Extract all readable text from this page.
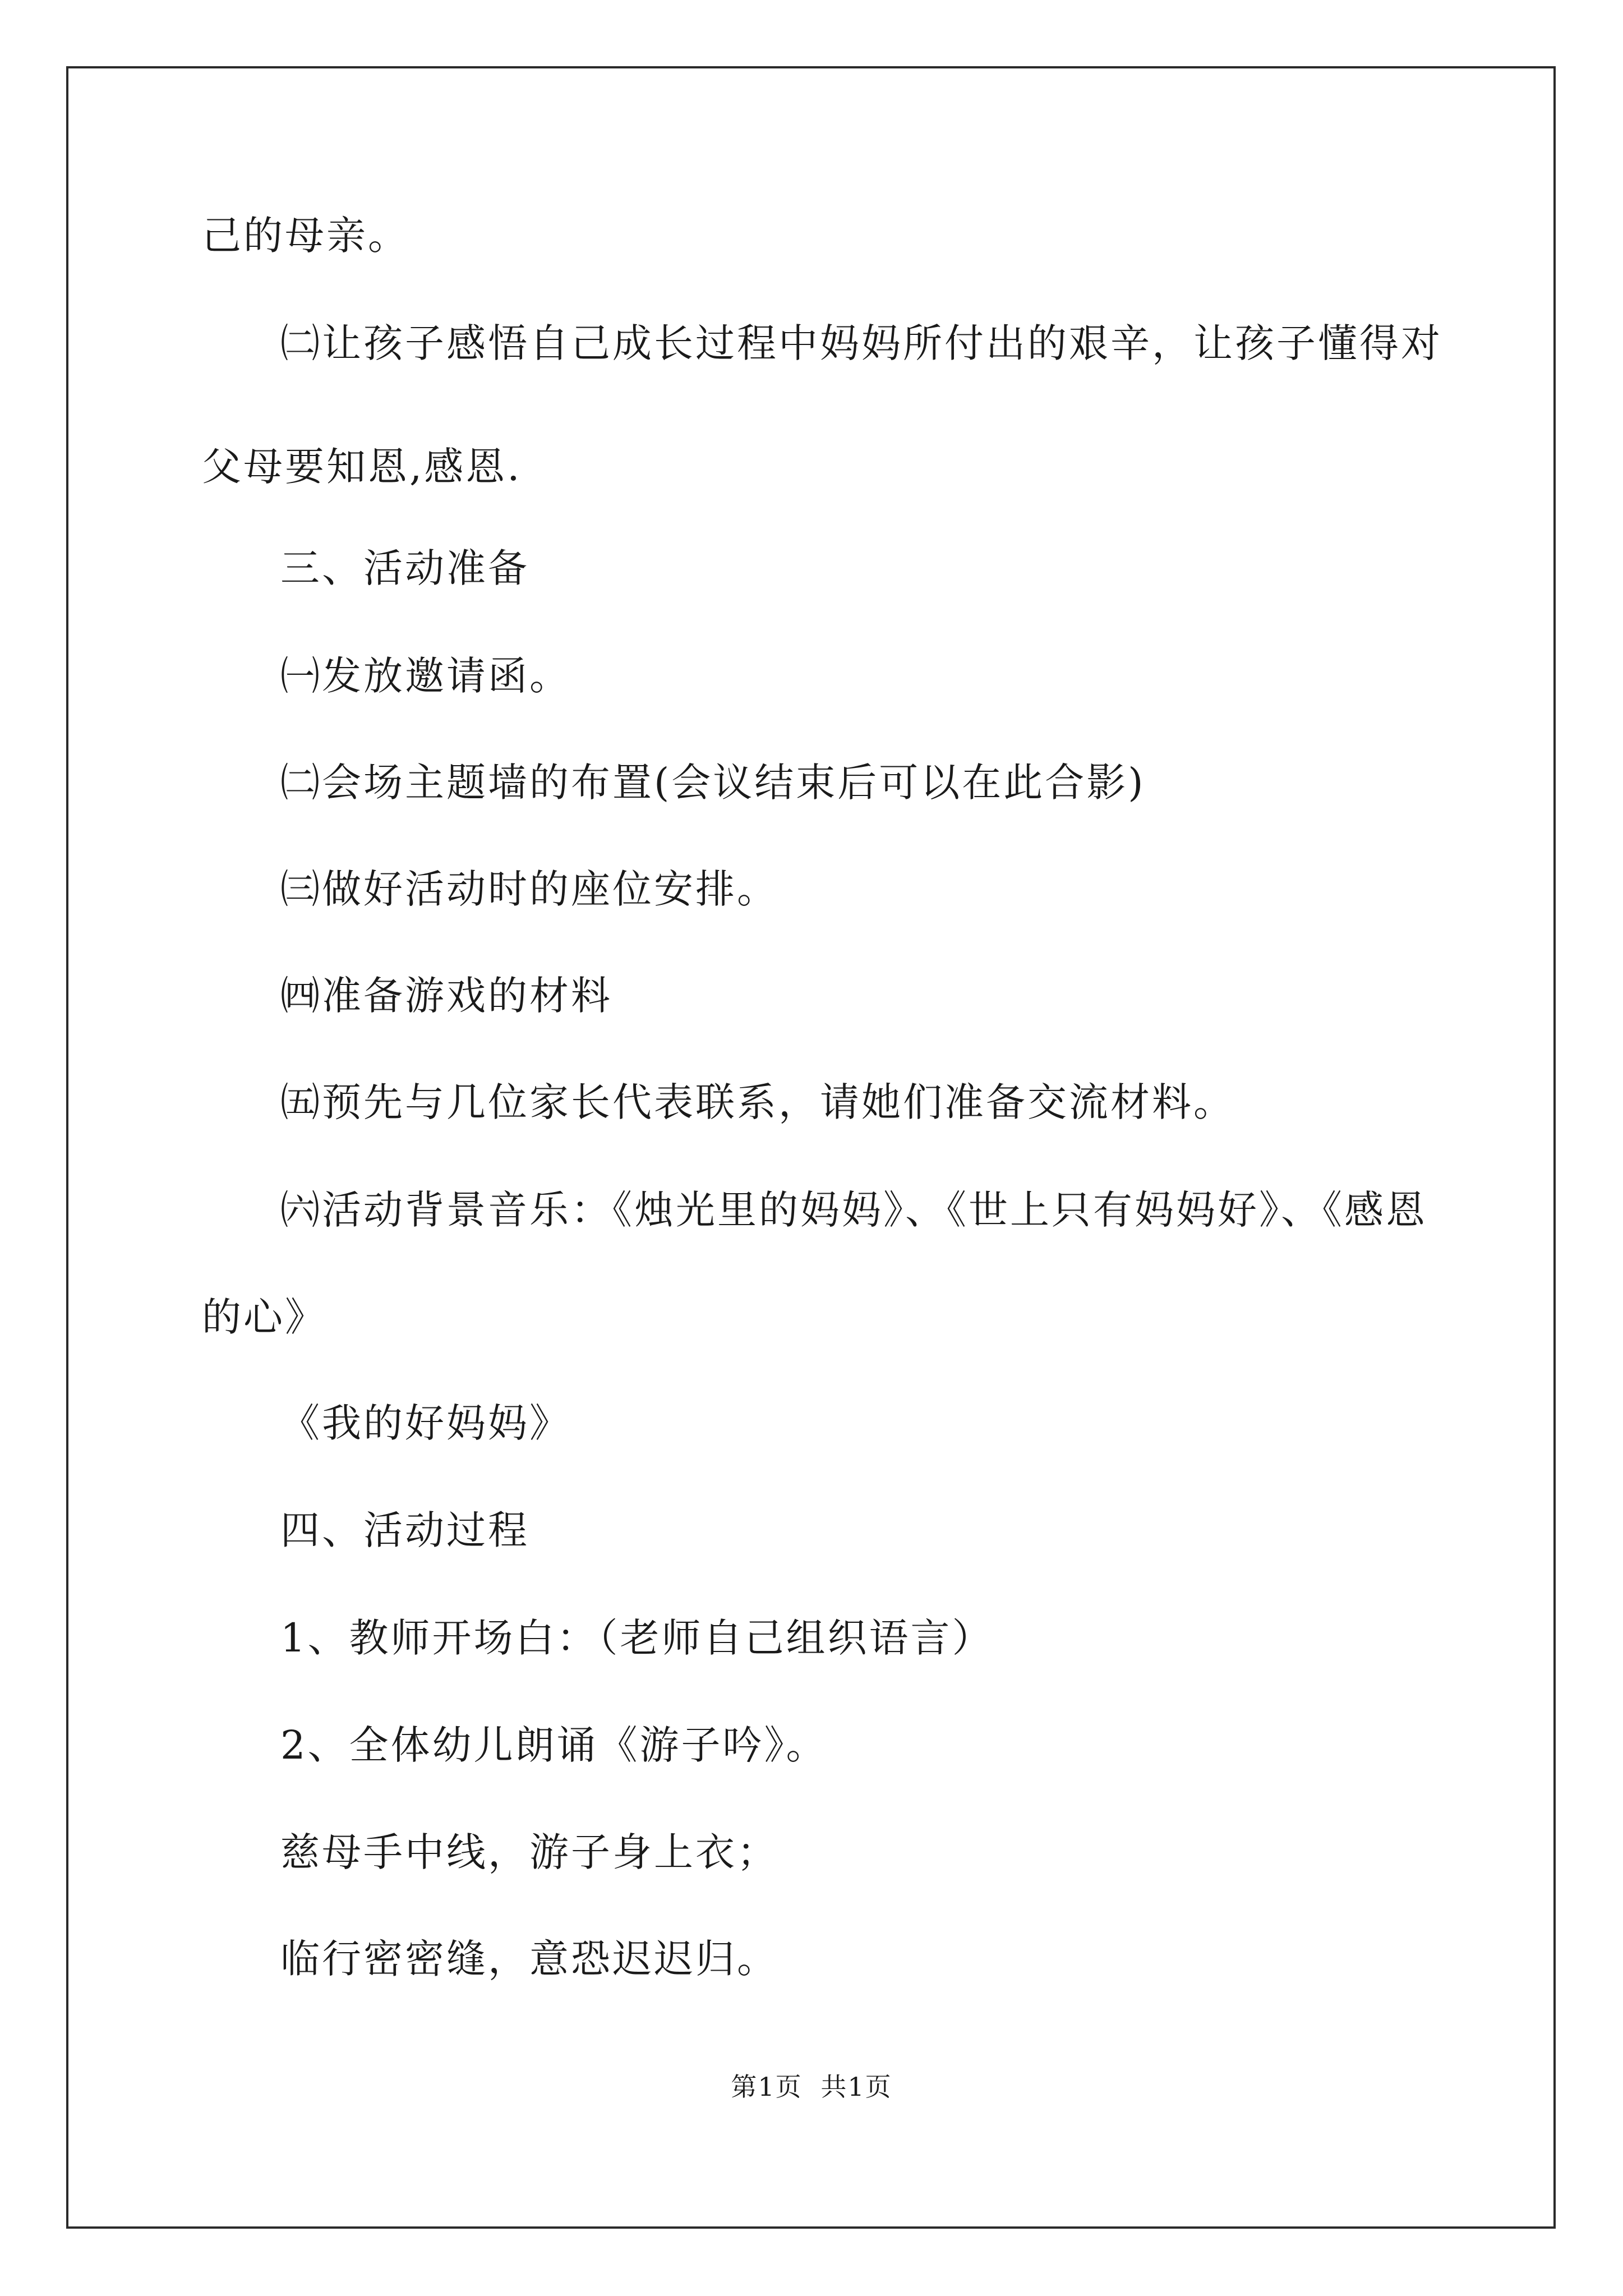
己的母亲。
㈡让孩子感悟自己成长过程中妈妈所付出的艰辛，让孩子懂得对
父母要知恩,感恩.
三、活动准备
㈠发放邀请函。
㈡会场主题墙的布置(会议结束后可以在此合影)
㈢做好活动时的座位安排。
㈣准备游戏的材料
㈤预先与几位家长代表联系，请她们准备交流材料。
㈥活动背景音乐：《烛光里的妈妈》、《世上只有妈妈好》、《感恩
的心》
《我的好妈妈》
四、活动过程
1、教师开场白：（老师自己组织语言）
2、全体幼儿朗诵《游子吟》。
慈母手中线，游子身上衣；
临行密密缝，意恐迟迟归。
第1页 共1页
